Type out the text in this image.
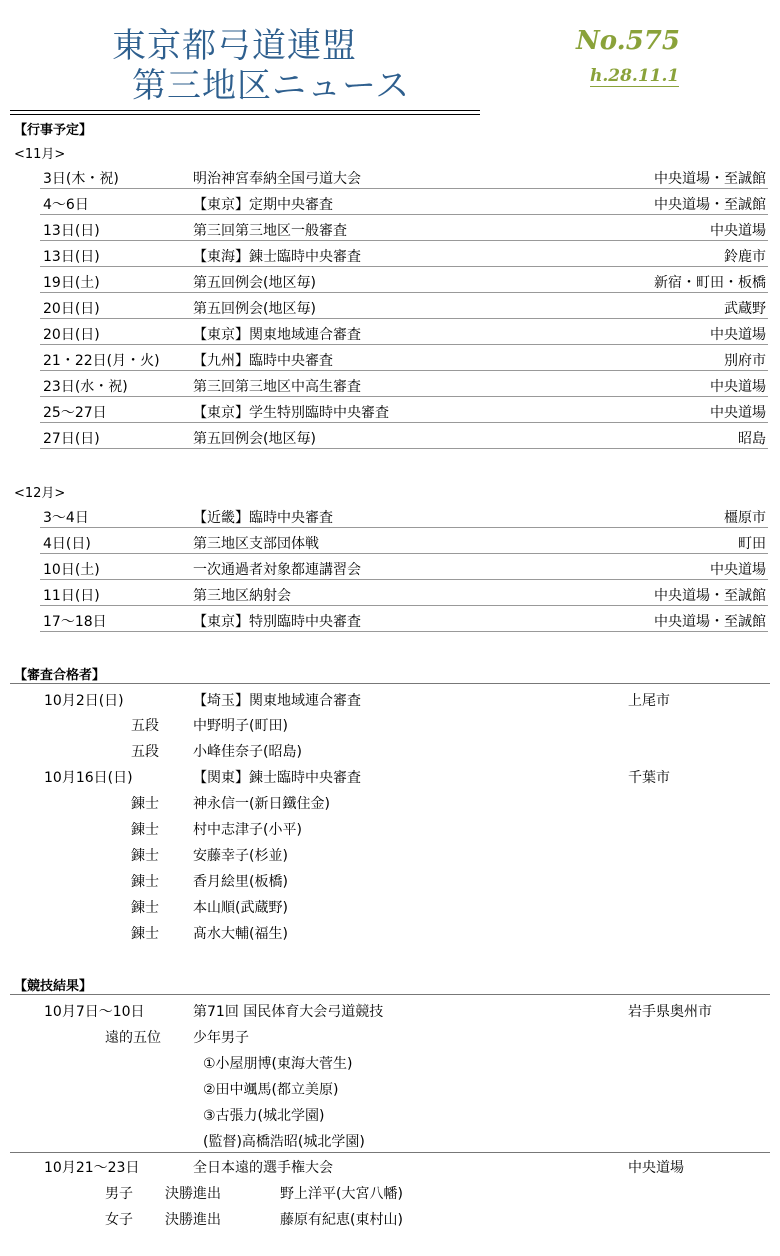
東京都弓道連盟
第三地区ニュース
No.575
h.28.11.1
【行事予定】
<11月>
3日(木・祝)	明治神宮奉納全国弓道大会	中央道場・至誠館
4～6日	【東京】定期中央審査	中央道場・至誠館
13日(日)	第三回第三地区一般審査	中央道場
13日(日)	【東海】錬士臨時中央審査	鈴鹿市
19日(土)	第五回例会(地区毎)	新宿・町田・板橋
20日(日)	第五回例会(地区毎)	武蔵野
20日(日)	【東京】関東地域連合審査	中央道場
21・22日(月・火) 【九州】臨時中央審査	別府市
23日(水・祝)	第三回第三地区中高生審査	中央道場
25～27日	【東京】学生特別臨時中央審査	中央道場
27日(日)	第五回例会(地区毎)	昭島
<12月>
3～4日	【近畿】臨時中央審査	橿原市
4日(日)	第三地区支部団体戦	町田
10日(土)	一次通過者対象都連講習会	中央道場
11日(日)	第三地区納射会	中央道場・至誠館
17～18日	【東京】特別臨時中央審査	中央道場・至誠館
【審査合格者】
10月2日(日)	【埼玉】関東地域連合審査	上尾市
五段 中野明子(町田)
五段 小峰佳奈子(昭島)
10月16日(日)	【関東】錬士臨時中央審査	千葉市
錬士 神永信一(新日鐵住金)
錬士 村中志津子(小平)
錬士 安藤幸子(杉並)
錬士 香月絵里(板橋)
錬士 本山順(武蔵野)
錬士 髙水大輔(福生)
【競技結果】
10月7日～10日	第71回 国民体育大会弓道競技	岩手県奥州市
遠的五位 少年男子
①小屋朋博(東海大菅生)
②田中颯馬(都立美原)
③古張力(城北学園)
(監督)高橋浩昭(城北学園)
10月21～23日	全日本遠的選手権大会	中央道場
男子 決勝進出	野上洋平(大宮八幡)
女子 決勝進出	藤原有紀恵(東村山)
